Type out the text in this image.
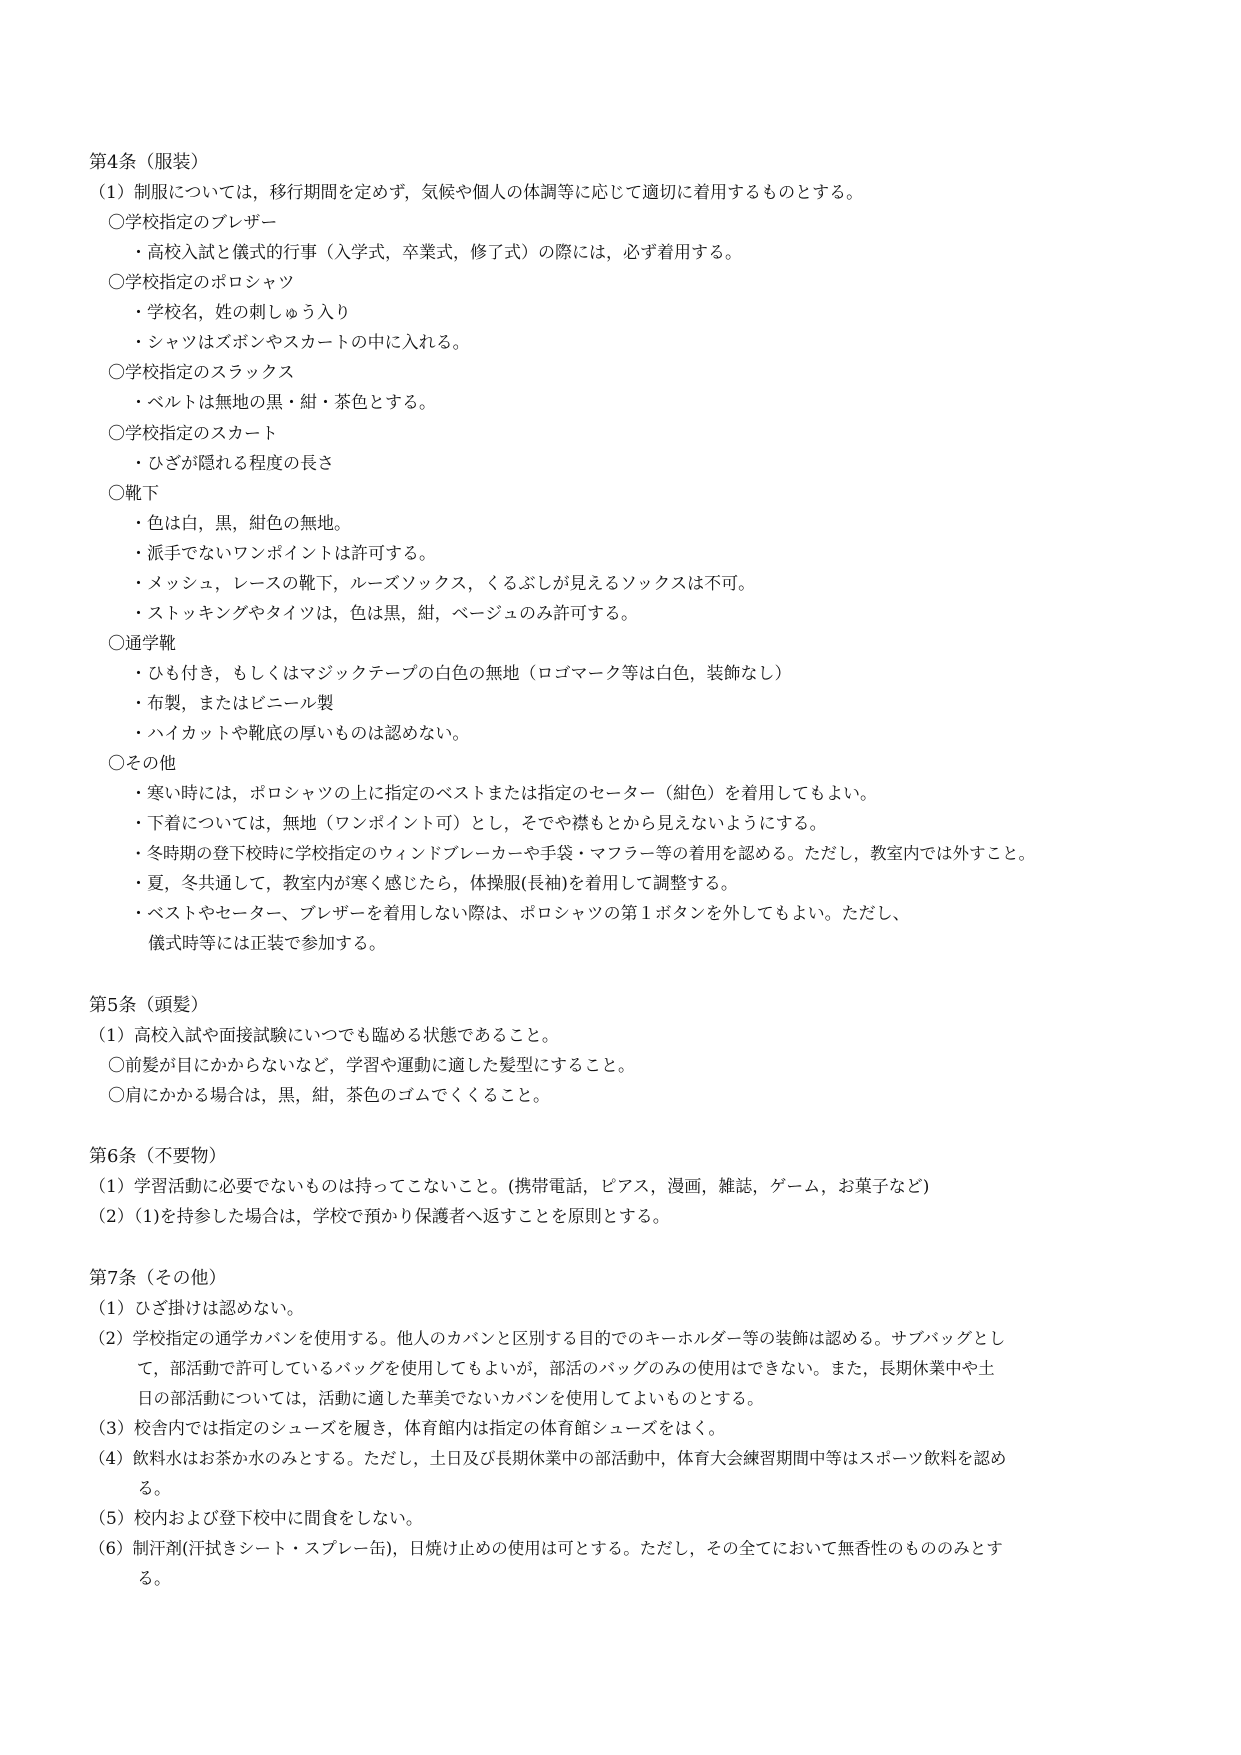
第4条（服装）
（1）制服については，移行期間を定めず，気候や個人の体調等に応じて適切に着用するものとする。
〇学校指定のブレザー
・高校入試と儀式的行事（入学式，卒業式，修了式）の際には，必ず着用する。
〇学校指定のポロシャツ
・学校名，姓の刺しゅう入り
・シャツはズボンやスカートの中に入れる。
〇学校指定のスラックス
・ベルトは無地の黒・紺・茶色とする。
〇学校指定のスカート
・ひざが隠れる程度の長さ
〇靴下
・色は白，黒，紺色の無地。
・派手でないワンポイントは許可する。
・メッシュ，レースの靴下，ルーズソックス，くるぶしが見えるソックスは不可。
・ストッキングやタイツは，色は黒，紺，ベージュのみ許可する。
〇通学靴
・ひも付き，もしくはマジックテープの白色の無地（ロゴマーク等は白色，装飾なし）
・布製，またはビニール製
・ハイカットや靴底の厚いものは認めない。
〇その他
・寒い時には，ポロシャツの上に指定のベストまたは指定のセーター（紺色）を着用してもよい。
・下着については，無地（ワンポイント可）とし，そでや襟もとから見えないようにする。
・冬時期の登下校時に学校指定のウィンドブレーカーや手袋・マフラー等の着用を認める。ただし，教室内では外すこと。
・夏，冬共通して，教室内が寒く感じたら，体操服(長袖)を着用して調整する。
・ベストやセーター、ブレザーを着用しない際は、ポロシャツの第１ボタンを外してもよい。ただし、
儀式時等には正装で参加する。
第5条（頭髪）
（1）高校入試や面接試験にいつでも臨める状態であること。
〇前髪が目にかからないなど，学習や運動に適した髪型にすること。
〇肩にかかる場合は，黒，紺，茶色のゴムでくくること。
第6条（不要物）
（1）学習活動に必要でないものは持ってこないこと。(携帯電話，ピアス，漫画，雑誌，ゲーム，お菓子など)
（2）（1)を持参した場合は，学校で預かり保護者へ返すことを原則とする。
第7条（その他）
（1）ひざ掛けは認めない。
（2）学校指定の通学カバンを使用する。他人のカバンと区別する目的でのキーホルダー等の装飾は認める。サブバッグとし
て，部活動で許可しているバッグを使用してもよいが，部活のバッグのみの使用はできない。また，長期休業中や土
日の部活動については，活動に適した華美でないカバンを使用してよいものとする。
（3）校舎内では指定のシューズを履き，体育館内は指定の体育館シューズをはく。
（4）飲料水はお茶か水のみとする。ただし，土日及び長期休業中の部活動中，体育大会練習期間中等はスポーツ飲料を認め
る。
（5）校内および登下校中に間食をしない。
（6）制汗剤(汗拭きシート・スプレー缶)，日焼け止めの使用は可とする。ただし，その全てにおいて無香性のもののみとす
る。
